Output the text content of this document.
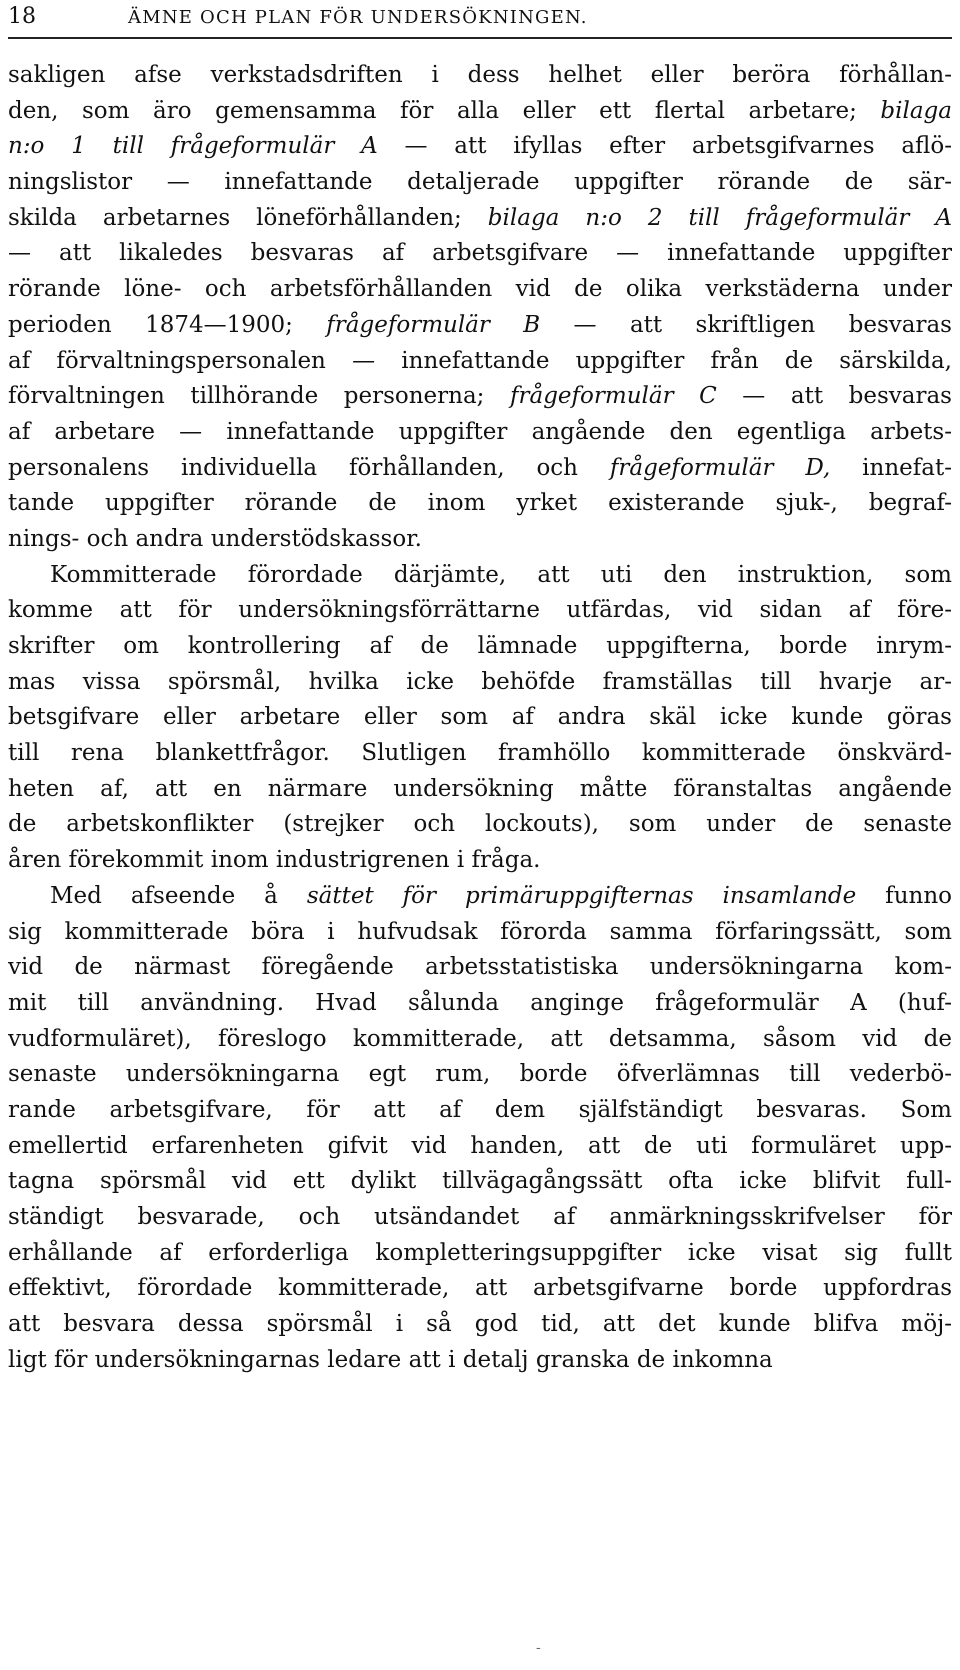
18	ÄMNE OCH PLAN FÖR UNDERSÖKNINGEN.
sakligen afse verkstadsdriften i dess helhet eller berörа förhållan-
den, som äro gemensamma för alla eller ett flertal arbetare; bilaga
n:o 1 till frågeformulär A — att ifyllas efter arbetsgifvarnes aflö-
ningslistor — innefattande detaljerade uppgifter rörande de sär-
skilda arbetarnes löneförhållanden; bilaga n:o 2 till frågeformulär A
— att likaledes besvaras af arbetsgifvare — innefattande uppgifter
rörande löne- och arbetsförhållanden vid de olika verkstäderna under
perioden 1874—1900; frågeformulär B — att skriftligen besvaras
af förvaltningspersonalen — innefattande uppgifter från de särskilda,
förvaltningen tillhörande personerna; frågeformulär C — att besvaras
af arbetare — innefattande uppgifter angående den egentliga arbets-
personalens individuella förhållanden, och frågeformulär D, innefat-
tande uppgifter rörande de inom yrket existerande sjuk-, begraf-
nings- och andra understödskassor.
Kommitterade förordade därjämte, att uti den instruktion, som
komme att för undersökningsförrättarne utfärdas, vid sidan af före-
skrifter om kontrollering af de lämnade uppgifterna, borde inrym-
mas vissa spörsmål, hvilka icke behöfde framställas till hvarje ar-
betsgifvare eller arbetare eller som af andra skäl icke kunde göras
till rena blankettfrågor. Slutligen framhöllo kommitterade önskvärd-
heten af, att en närmare undersökning måtte föranstaltas angående
de arbetskonflikter (strejker och lockouts), som under de senaste
åren förekommit inom industrigrenen i fråga.
Med afseende å sättet för primäruppgifternas insamlande funno
sig kommitterade böra i hufvudsak förorda samma förfaringssätt, som
vid de närmast föregående arbetsstatistiska undersökningarna kom-
mit till användning. Hvad sålunda anginge frågeformulär A (huf-
vudformuläret), föreslogo kommitterade, att detsamma, såsom vid de
senaste undersökningarna egt rum, borde öfverlämnas till vederbö-
rande arbetsgifvare, för att af dem själfständigt besvaras. Som
emellertid erfarenheten gifvit vid handen, att de uti formuläret upp-
tagna spörsmål vid ett dylikt tillvägagångssätt ofta icke blifvit full-
ständigt besvarade, och utsändandet af anmärkningsskrifvelser för
erhållande af erforderliga kompletteringsuppgifter icke visat sig fullt
effektivt, förordade kommitterade, att arbetsgifvarne borde uppfordras
att besvara dessa spörsmål i så god tid, att det kunde blifva möj-
ligt för undersökningarnas ledare att i detalj granska de inkomna
-
